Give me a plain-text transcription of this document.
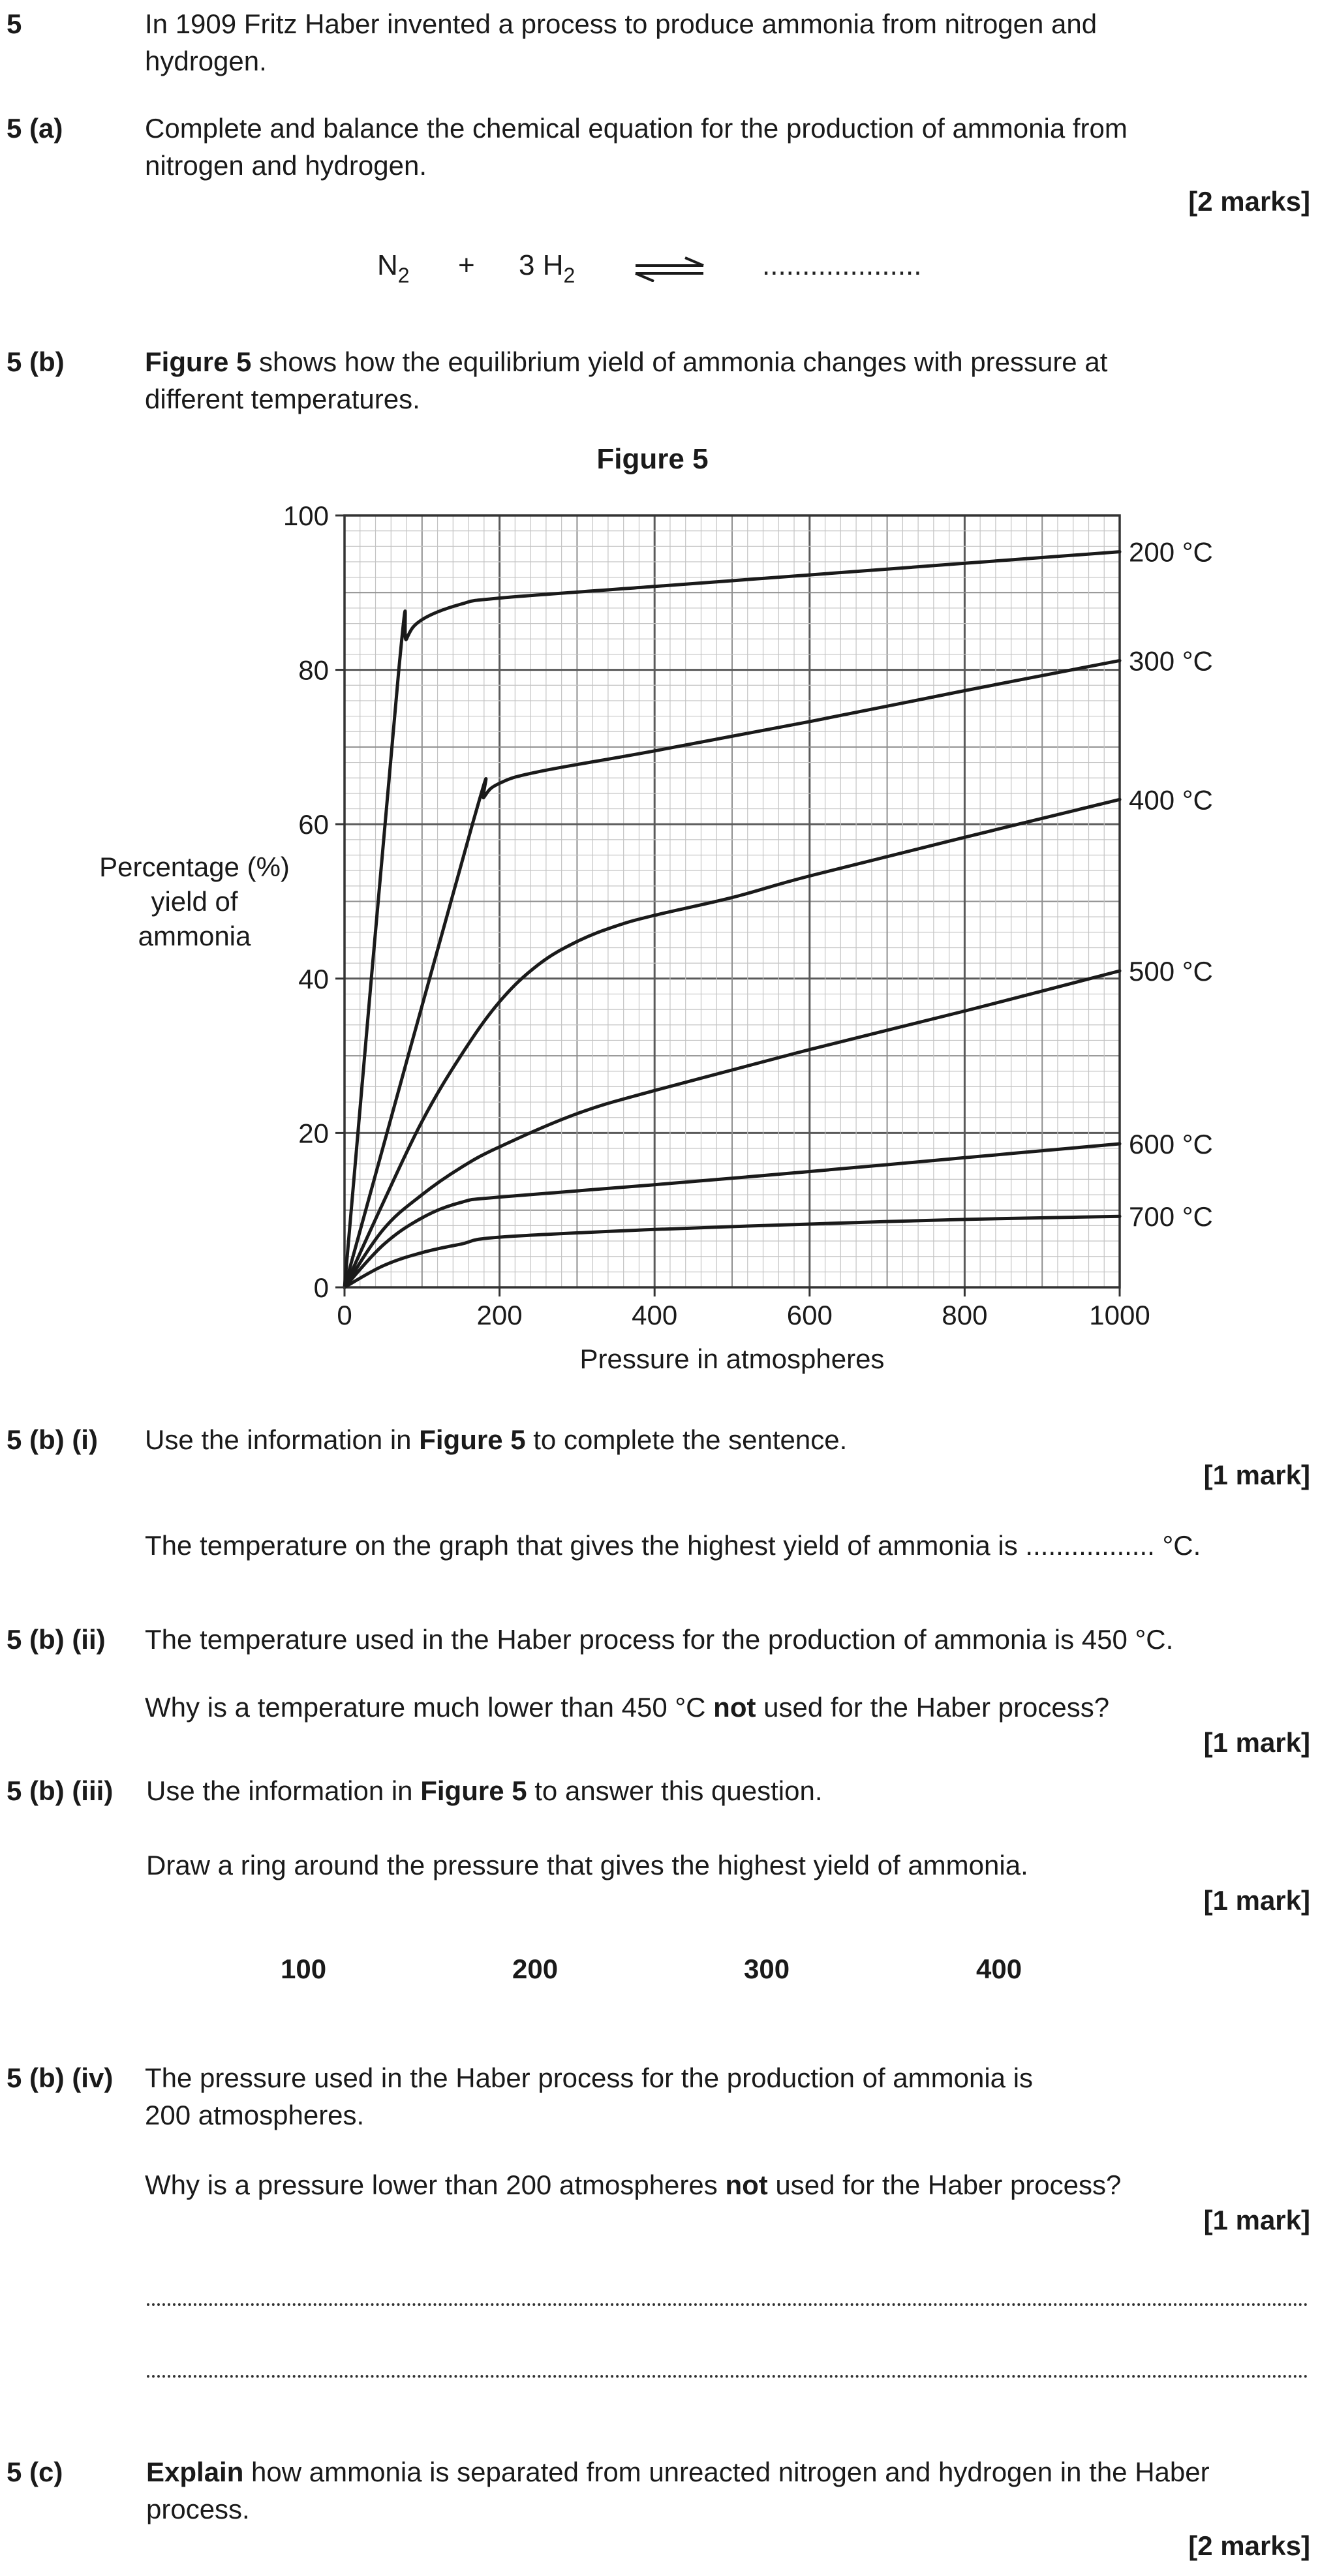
5	In 1909 Fritz Haber invented a process to produce ammonia from nitrogen and
hydrogen.
5 (a)	Complete and balance the chemical equation for the production of ammonia from
nitrogen and hydrogen.
[2 marks]
$N_2 + 3$ $H_2$	....................
5 (b)	Figure 5 shows how the equilibrium yield of ammonia changes with pressure at
different temperatures.
Figure 5
200 °C
300 °C
400 °C
500 °C
600 °C
700 °C
0	200	400	600	800	1000
0
20
40
60
80
100
Pressure in atmospheres
Percentage (%)
yield of
ammonia
5 (b) (i) Use the information in Figure 5 to complete the sentence.
[1 mark]
The temperature on the graph that gives the highest yield of ammonia is ................. °C.
5 (b) (ii) The temperature used in the Haber process for the production of ammonia is 450 °C.
Why is a temperature much lower than 450 °C not used for the Haber process?
[1 mark]
5 (b) (iii) Use the information in Figure 5 to answer this question.
Draw a ring around the pressure that gives the highest yield of ammonia.
[1 mark]
100	200	300	400
5 (b) (iv) The pressure used in the Haber process for the production of ammonia is
200 atmospheres.
Why is a pressure lower than 200 atmospheres not used for the Haber process?
[1 mark]
5 (c)	Explain how ammonia is separated from unreacted nitrogen and hydrogen in the Haber
process.
[2 marks]
